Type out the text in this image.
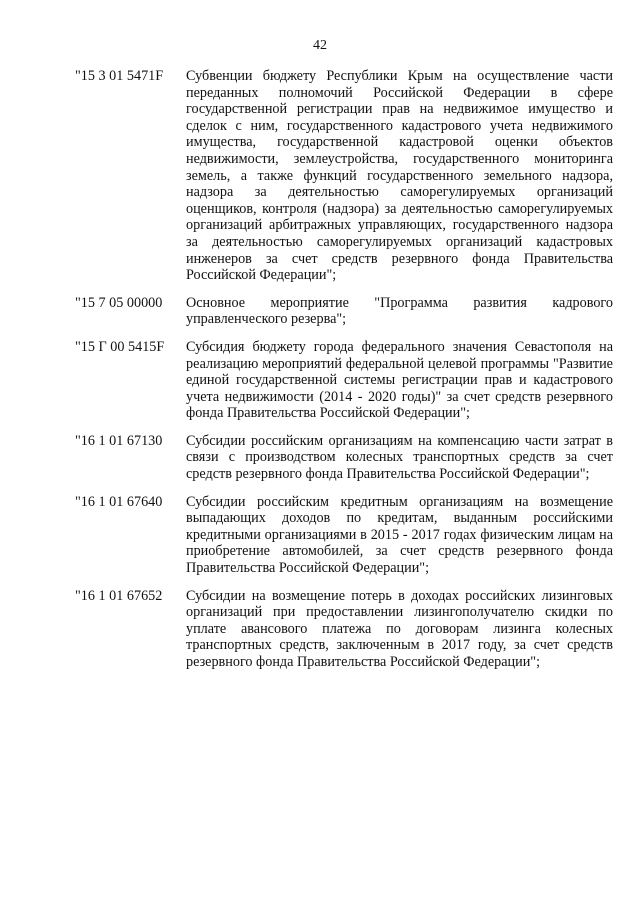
42
"15 3 01 5471F	Субвенции бюджету Республики Крым на осуществление части переданных полномочий Российской Федерации в сфере государственной регистрации прав на недвижимое имущество и сделок с ним, государственного кадастрового учета недвижимого имущества, государственной кадастровой оценки объектов недвижимости, землеустройства, государственного мониторинга земель, а также функций государственного земельного надзора, надзора за деятельностью саморегулируемых организаций оценщиков, контроля (надзора) за деятельностью саморегулируемых организаций арбитражных управляющих, государственного надзора за деятельностью саморегулируемых организаций кадастровых инженеров за счет средств резервного фонда Правительства Российской Федерации";
"15 7 05 00000	Основное мероприятие "Программа развития кадрового управленческого резерва";
"15 Г 00 5415F	Субсидия бюджету города федерального значения Севастополя на реализацию мероприятий федеральной целевой программы "Развитие единой государственной системы регистрации прав и кадастрового учета недвижимости (2014 - 2020 годы)" за счет средств резервного фонда Правительства Российской Федерации";
"16 1 01 67130	Субсидии российским организациям на компенсацию части затрат в связи с производством колесных транспортных средств за счет средств резервного фонда Правительства Российской Федерации";
"16 1 01 67640	Субсидии российским кредитным организациям на возмещение выпадающих доходов по кредитам, выданным российскими кредитными организациями в 2015 - 2017 годах физическим лицам на приобретение автомобилей, за счет средств резервного фонда Правительства Российской Федерации";
"16 1 01 67652	Субсидии на возмещение потерь в доходах российских лизинговых организаций при предоставлении лизингополучателю скидки по уплате авансового платежа по договорам лизинга колесных транспортных средств, заключенным в 2017 году, за счет средств резервного фонда Правительства Российской Федерации";
